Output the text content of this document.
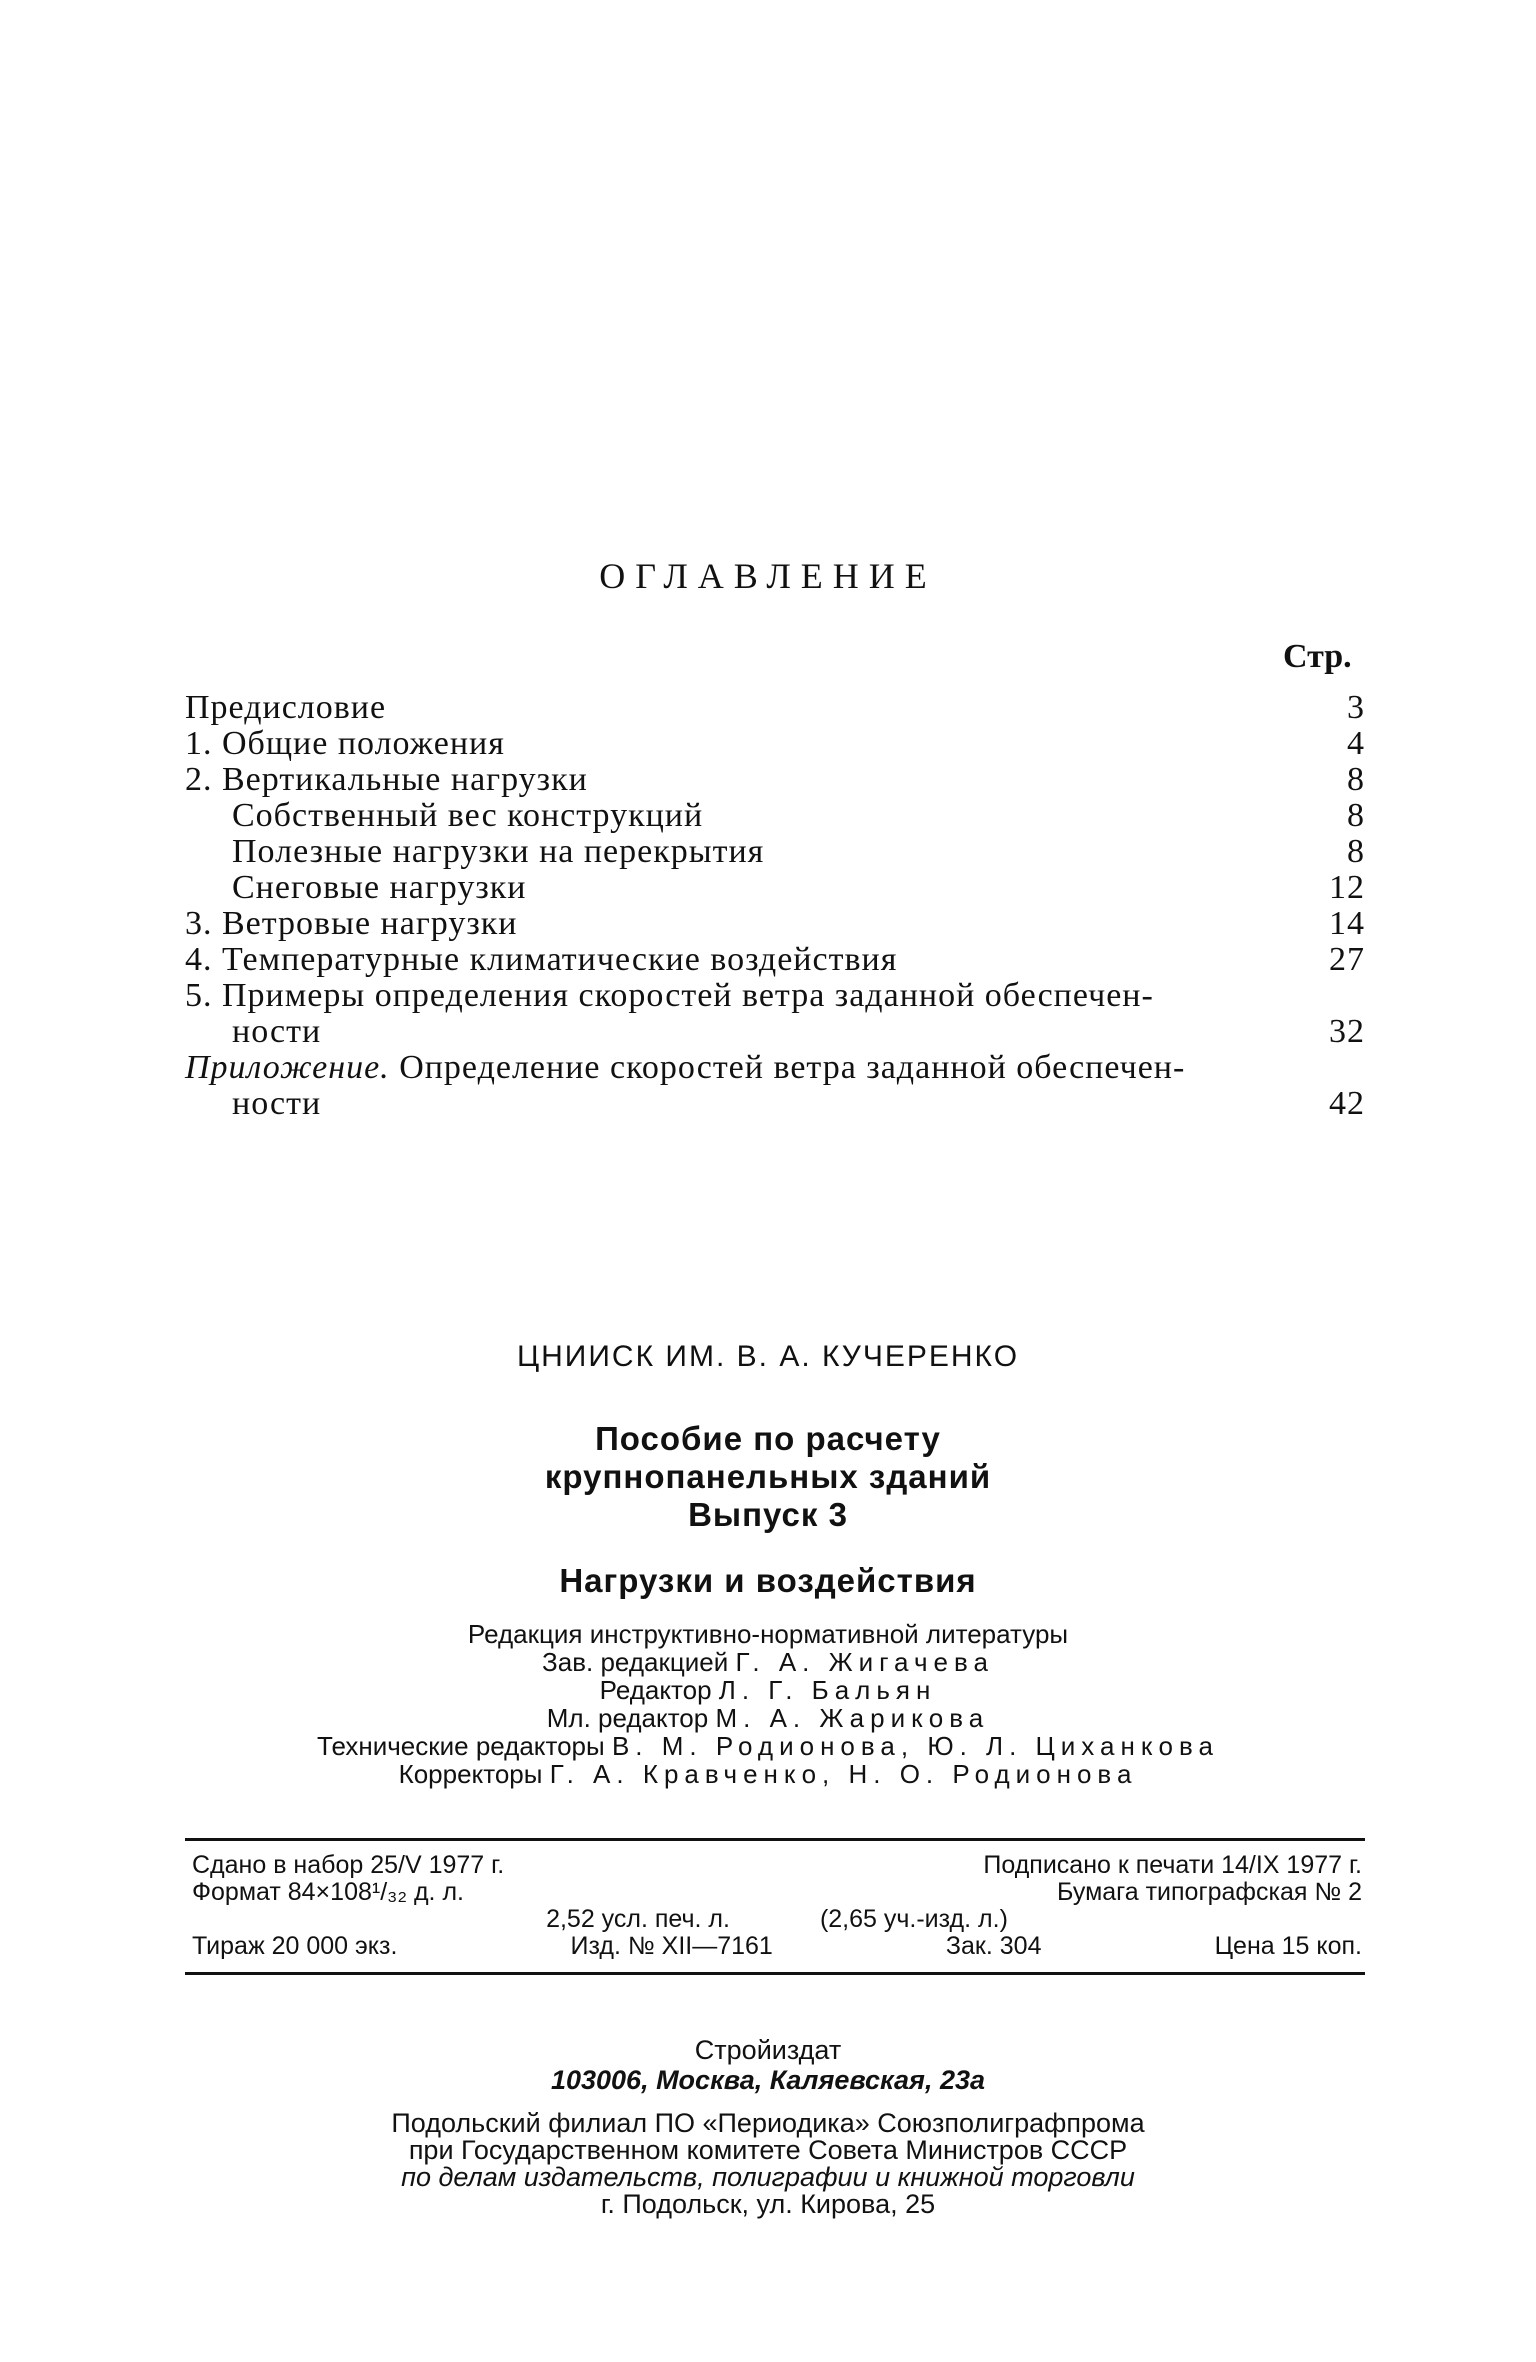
ОГЛАВЛЕНИЕ
Стр.
Предисловие	3
1. Общие положения	4
2. Вертикальные нагрузки	8
Собственный вес конструкций	8
Полезные нагрузки на перекрытия	8
Снеговые нагрузки	12
3. Ветровые нагрузки	14
4. Температурные климатические воздействия	27
5. Примеры определения скоростей ветра заданной обеспечен-
ности	32
Приложение. Определение скоростей ветра заданной обеспечен-
ности	42
ЦНИИСК ИМ. В. А. КУЧЕРЕНКО
Пособие по расчету
крупнопанельных зданий
Выпуск 3
Нагрузки и воздействия
Редакция инструктивно-нормативной литературы
Зав. редакцией Г. А. Жигачева
Редактор Л. Г. Бальян
Мл. редактор М. А. Жарикова
Технические редакторы В. М. Родионова, Ю. Л. Циханкова
Корректоры Г. А. Кравченко, Н. О. Родионова
Сдано в набор 25/V 1977 г.	Подписано к печати 14/IX 1977 г.
Формат 84×108¹/₃₂ д. л.	Бумага типографская № 2
2,52 усл. печ. л.	(2,65 уч.-изд. л.)
Тираж 20 000 экз.	Изд. № XII—7161	Зак. 304	Цена 15 коп.
Стройиздат
103006, Москва, Каляевская, 23а
Подольский филиал ПО «Периодика» Союзполиграфпрома
при Государственном комитете Совета Министров СССР
по делам издательств, полиграфии и книжной торговли
г. Подольск, ул. Кирова, 25
